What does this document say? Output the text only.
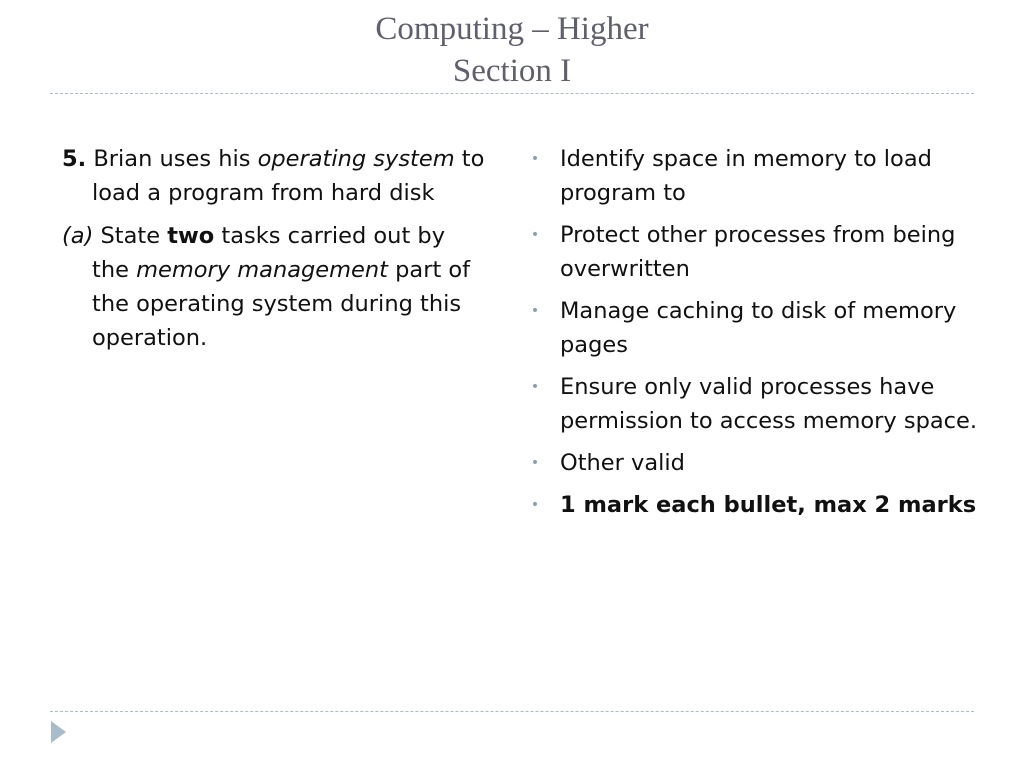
Computing – Higher
Section I

5. Brian uses his operating system to load a program from hard disk

(a) State two tasks carried out by the memory management part of the operating system during this operation.

• Identify space in memory to load program to
• Protect other processes from being overwritten
• Manage caching to disk of memory pages
• Ensure only valid processes have permission to access memory space.
• Other valid
• 1 mark each bullet, max 2 marks
